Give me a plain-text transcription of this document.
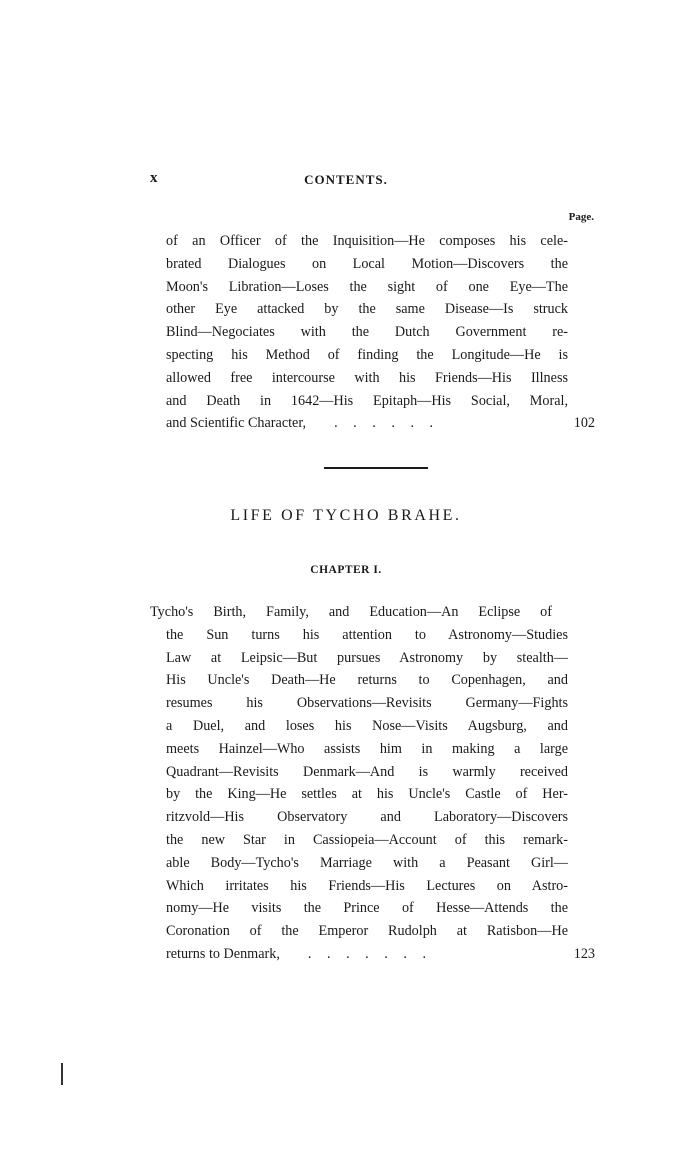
x	CONTENTS.
Page.
of an Officer of the Inquisition—He composes his cele-
brated Dialogues on Local Motion—Discovers the
Moon's Libration—Loses the sight of one Eye—The
other Eye attacked by the same Disease—Is struck
Blind—Negociates with the Dutch Government re-
specting his Method of finding the Longitude—He is
allowed free intercourse with his Friends—His Illness
and Death in 1642—His Epitaph—His Social, Moral,
and Scientific Character,	. . . . . .	102
LIFE OF TYCHO BRAHE.
CHAPTER I.
Tycho's Birth, Family, and Education—An Eclipse of
the Sun turns his attention to Astronomy—Studies
Law at Leipsic—But pursues Astronomy by stealth—
His Uncle's Death—He returns to Copenhagen, and
resumes his Observations—Revisits Germany—Fights
a Duel, and loses his Nose—Visits Augsburg, and
meets Hainzel—Who assists him in making a large
Quadrant—Revisits Denmark—And is warmly received
by the King—He settles at his Uncle's Castle of Her-
ritzvold—His Observatory and Laboratory—Discovers
the new Star in Cassiopeia—Account of this remark-
able Body—Tycho's Marriage with a Peasant Girl—
Which irritates his Friends—His Lectures on Astro-
nomy—He visits the Prince of Hesse—Attends the
Coronation of the Emperor Rudolph at Ratisbon—He
returns to Denmark,	. . . . . . .	123
